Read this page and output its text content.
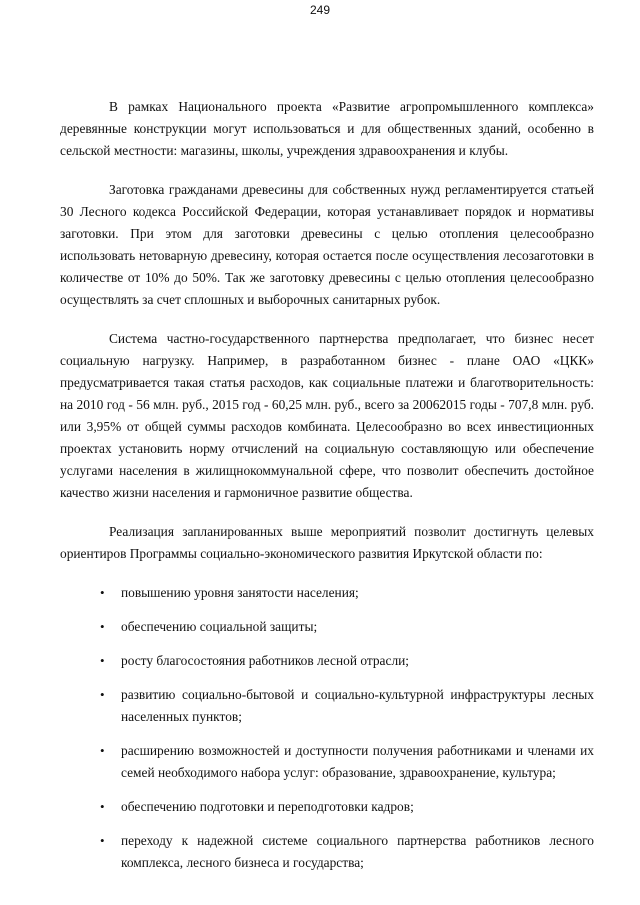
249

В рамках Национального проекта «Развитие агропромышленного комплекса» деревянные конструкции могут использоваться и для общественных зданий, особенно в сельской местности: магазины, школы, учреждения здравоохранения и клубы.

Заготовка гражданами древесины для собственных нужд регламентируется статьей 30 Лесного кодекса Российской Федерации, которая устанавливает порядок и нормативы заготовки. При этом для заготовки древесины с целью отопления целесообразно использовать нетоварную древесину, которая остается после осуществления лесозаготовки в количестве от 10% до 50%. Так же заготовку древесины с целью отопления целесообразно осуществлять за счет сплошных и выборочных санитарных рубок.

Система частно-государственного партнерства предполагает, что бизнес несет социальную нагрузку. Например, в разработанном бизнес - плане ОАО «ЦКК» предусматривается такая статья расходов, как социальные платежи и благотворительность: на 2010 год - 56 млн. руб., 2015 год - 60,25 млн. руб., всего за 20062015 годы - 707,8 млн. руб. или 3,95% от общей суммы расходов комбината. Целесообразно во всех инвестиционных проектах установить норму отчислений на социальную составляющую или обеспечение услугами населения в жилищнокоммунальной сфере, что позволит обеспечить достойное качество жизни населения и гармоничное развитие общества.

Реализация запланированных выше мероприятий позволит достигнуть целевых ориентиров Программы социально-экономического развития Иркутской области по:

• повышению уровня занятости населения;
• обеспечению социальной защиты;
• росту благосостояния работников лесной отрасли;
• развитию социально-бытовой и социально-культурной инфраструктуры лесных населенных пунктов;
• расширению возможностей и доступности получения работниками и членами их семей необходимого набора услуг: образование, здравоохранение, культура;
• обеспечению подготовки и переподготовки кадров;
• переходу к надежной системе социального партнерства работников лесного комплекса, лесного бизнеса и государства;
